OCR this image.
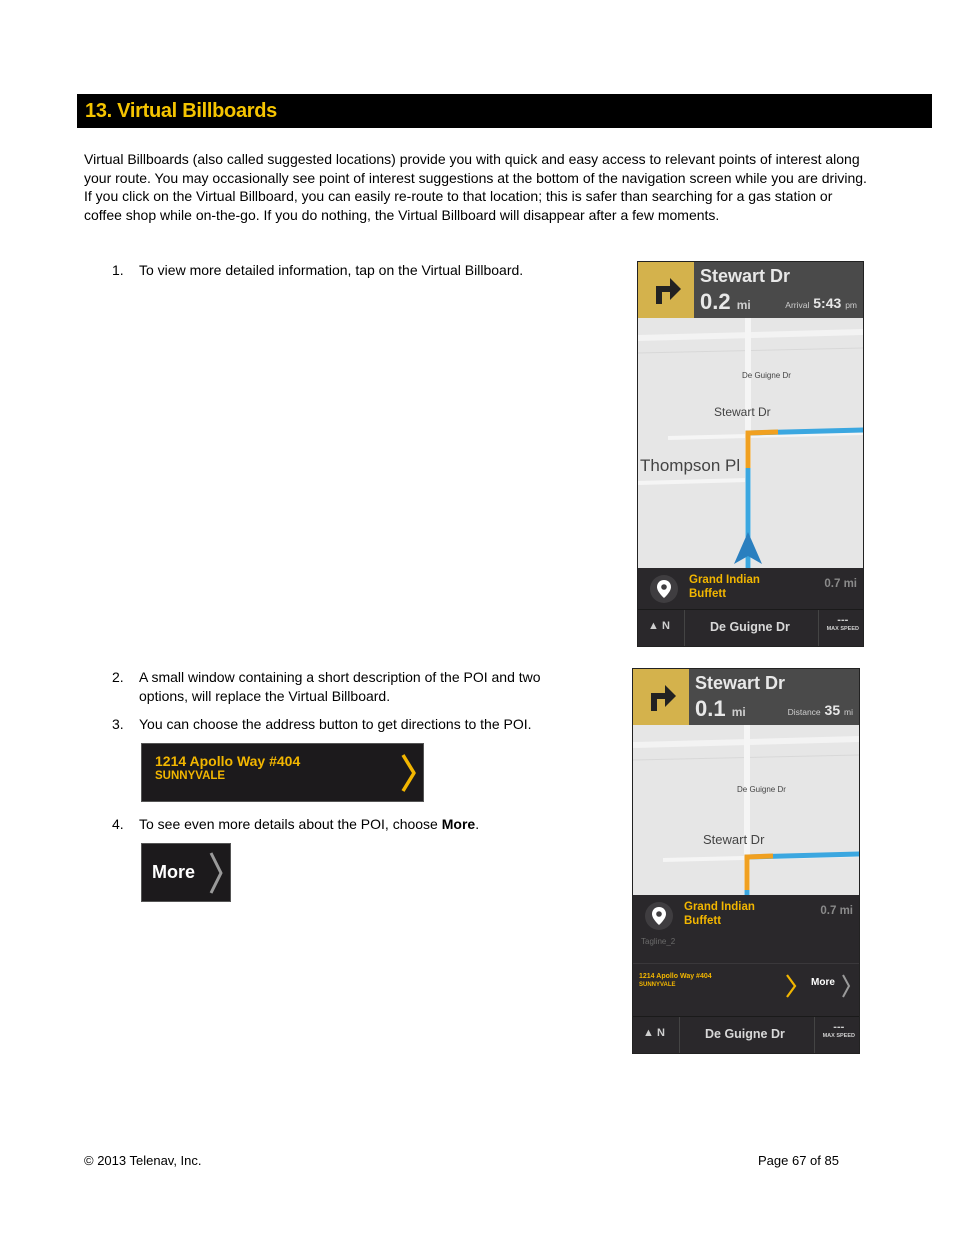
13. Virtual Billboards
Virtual Billboards (also called suggested locations) provide you with quick and easy access to relevant points of interest along your route. You may occasionally see point of interest suggestions at the bottom of the navigation screen while you are driving. If you click on the Virtual Billboard, you can easily re-route to that location; this is safer than searching for a gas station or coffee shop while on-the-go. If you do nothing, the Virtual Billboard will disappear after a few moments.
1. To view more detailed information, tap on the Virtual Billboard.
2. A small window containing a short description of the POI and two
options, will replace the Virtual Billboard.
3. You can choose the address button to get directions to the POI.
1214 Apollo Way #404
SUNNYVALE
4. To see even more details about the POI, choose More.
More
Stewart Dr
0.2 mi	Arrival 5:43 pm
De Guigne Dr
Stewart Dr
Thompson Pl
Grand Indian
Buffett
0.7 mi
▲ N	De Guigne Dr	---
MAX SPEED
Stewart Dr
0.1 mi	Distance 35 mi
De Guigne Dr
Stewart Dr
Grand Indian
Buffett
0.7 mi
Tagline_2
1214 Apollo Way #404
SUNNYVALE	More
▲ N	De Guigne Dr	---
MAX SPEED
© 2013 Telenav, Inc.	Page 67 of 85
